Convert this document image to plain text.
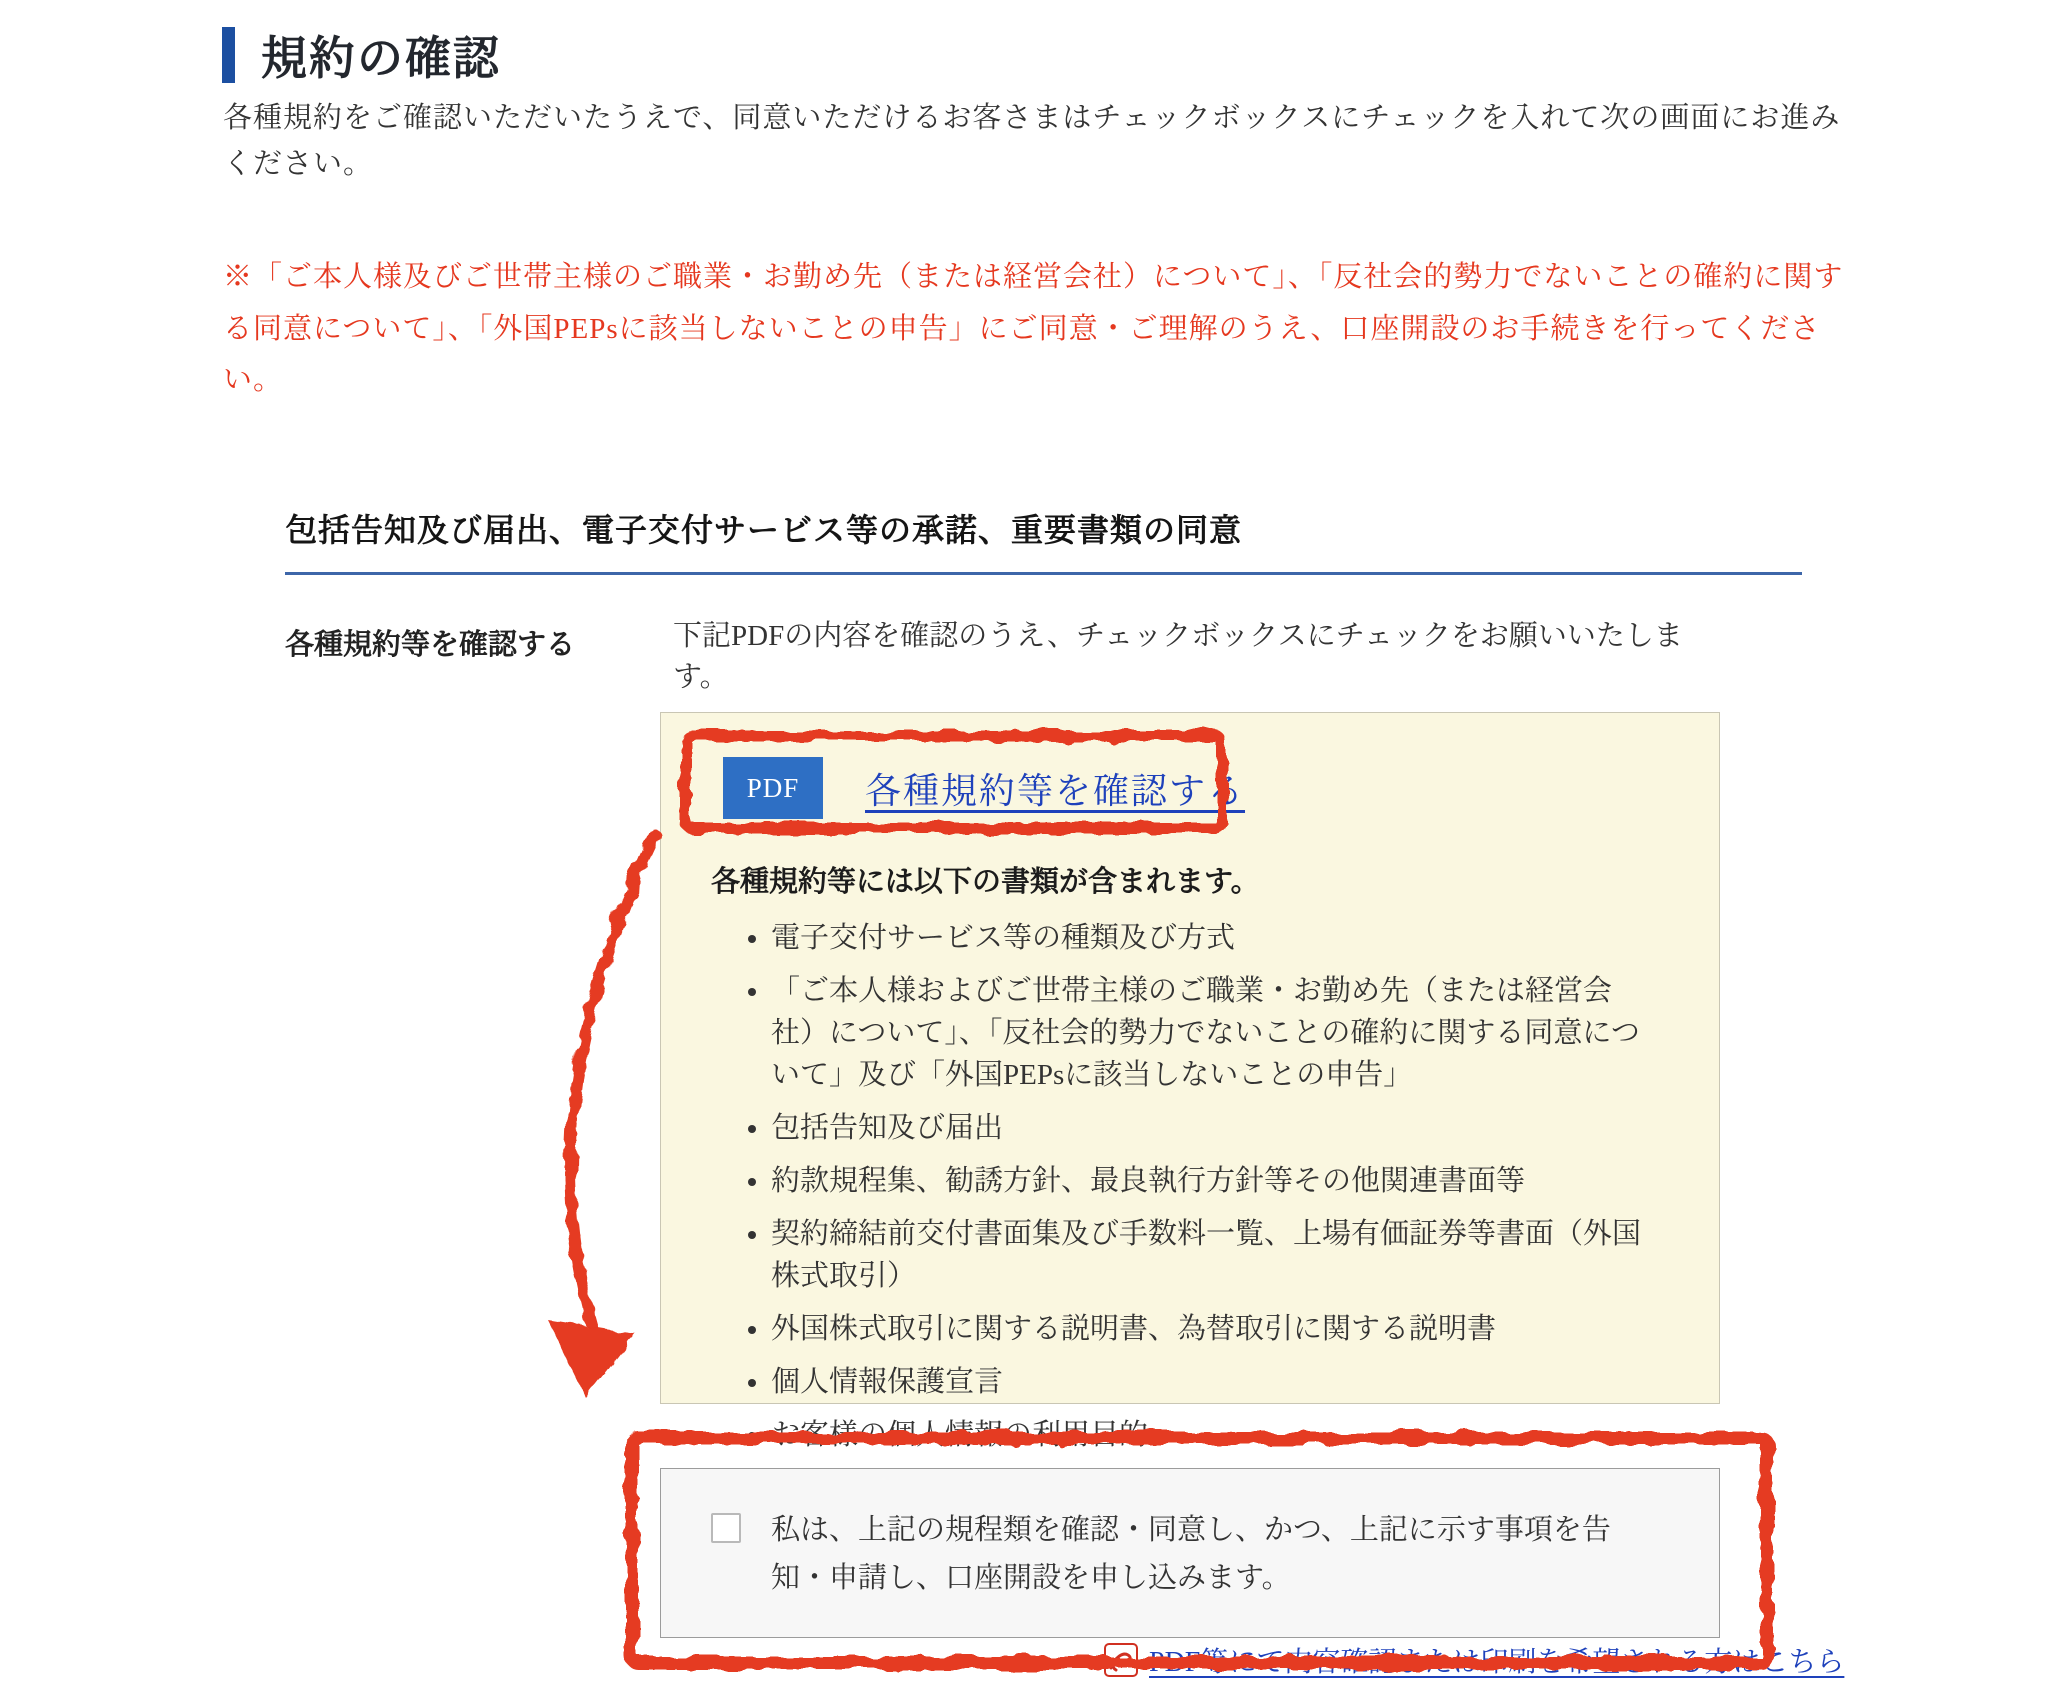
規約の確認

各種規約をご確認いただいたうえで、同意いただけるお客さまはチェックボックスにチェックを入れて次の画面にお進みください。

※「ご本人様及びご世帯主様のご職業・お勤め先（または経営会社）について」、「反社会的勢力でないことの確約に関する同意について」、「外国PEPsに該当しないことの申告」にご同意・ご理解のうえ、口座開設のお手続きを行ってください。

包括告知及び届出、電子交付サービス等の承諾、重要書類の同意
各種規約等を確認する	下記PDFの内容を確認のうえ、チェックボックスにチェックをお願いいたします。
PDF	各種規約等を確認する
各種規約等には以下の書類が含まれます。
• 電子交付サービス等の種類及び方式
• 「ご本人様およびご世帯主様のご職業・お勤め先（または経営会社）について」、「反社会的勢力でないことの確約に関する同意について」及び「外国PEPsに該当しないことの申告」
• 包括告知及び届出
• 約款規程集、勧誘方針、最良執行方針等その他関連書面等
• 契約締結前交付書面集及び手数料一覧、上場有価証券等書面（外国株式取引）
• 外国株式取引に関する説明書、為替取引に関する説明書
• 個人情報保護宣言
• お客様の個人情報の利用目的
私は、上記の規程類を確認・同意し、かつ、上記に示す事項を告知・申請し、口座開設を申し込みます。
PDF等にて内容確認または印刷を希望される方はこちら
